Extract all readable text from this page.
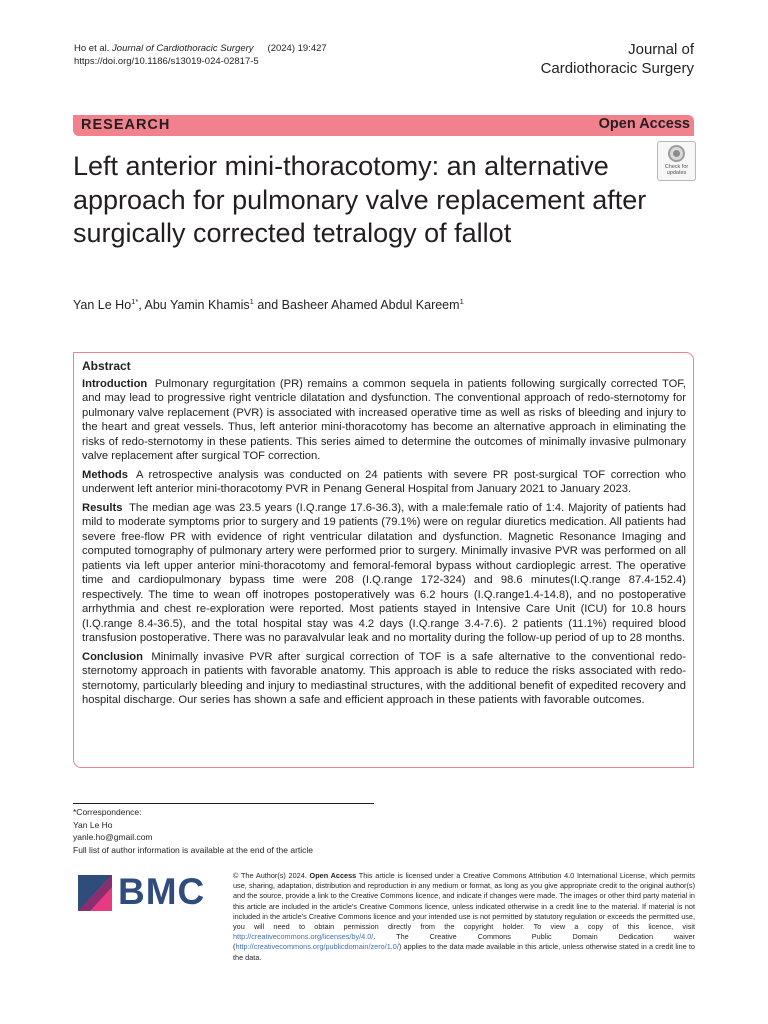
Ho et al. Journal of Cardiothoracic Surgery (2024) 19:427
https://doi.org/10.1186/s13019-024-02817-5
Journal of
Cardiothoracic Surgery
RESEARCH	Open Access
Check for
updates
Left anterior mini-thoracotomy: an alternative approach for pulmonary valve replacement after surgically corrected tetralogy of fallot
Yan Le $Ho^{1*}$, Abu Yamin Khamis$^1$ and Basheer Ahamed Abdul Kareem$^1$
Abstract

Introduction Pulmonary regurgitation (PR) remains a common sequela in patients following surgically corrected TOF, and may lead to progressive right ventricle dilatation and dysfunction. The conventional approach of redo-sternotomy for pulmonary valve replacement (PVR) is associated with increased operative time as well as risks of bleeding and injury to the heart and great vessels. Thus, left anterior mini-thoracotomy has become an alternative approach in eliminating the risks of redo-sternotomy in these patients. This series aimed to determine the outcomes of minimally invasive pulmonary valve replacement after surgical TOF correction.

Methods A retrospective analysis was conducted on 24 patients with severe PR post-surgical TOF correction who underwent left anterior mini-thoracotomy PVR in Penang General Hospital from January 2021 to January 2023.

Results The median age was 23.5 years (I.Q.range 17.6-36.3), with a male:female ratio of 1:4. Majority of patients had mild to moderate symptoms prior to surgery and 19 patients (79.1%) were on regular diuretics medication. All patients had severe free-flow PR with evidence of right ventricular dilatation and dysfunction. Magnetic Resonance Imaging and computed tomography of pulmonary artery were performed prior to surgery. Minimally invasive PVR was performed on all patients via left upper anterior mini-thoracotomy and femoral-femoral bypass without cardioplegic arrest. The operative time and cardiopulmonary bypass time were 208 (I.Q.range 172-324) and 98.6 minutes(I.Q.range 87.4-152.4) respectively. The time to wean off inotropes postoperatively was 6.2 hours (I.Q.range1.4-14.8), and no postoperative arrhythmia and chest re-exploration were reported. Most patients stayed in Intensive Care Unit (ICU) for 10.8 hours (I.Q.range 8.4-36.5), and the total hospital stay was 4.2 days (I.Q.range 3.4-7.6). 2 patients (11.1%) required blood transfusion postoperative. There was no paravalvular leak and no mortality during the follow-up period of up to 28 months.

Conclusion Minimally invasive PVR after surgical correction of TOF is a safe alternative to the conventional redo-sternotomy approach in patients with favorable anatomy. This approach is able to reduce the risks associated with redo-sternotomy, particularly bleeding and injury to mediastinal structures, with the additional benefit of expedited recovery and hospital discharge. Our series has shown a safe and efficient approach in these patients with favorable outcomes.

*Correspondence:
Yan Le Ho
yanle.ho@gmail.com
Full list of author information is available at the end of the article
BMC	© The Author(s) 2024. Open Access This article is licensed under a Creative Commons Attribution 4.0 International License, which permits use, sharing, adaptation, distribution and reproduction in any medium or format, as long as you give appropriate credit to the original author(s) and the source, provide a link to the Creative Commons licence, and indicate if changes were made. The images or other third party material in this article are included in the article's Creative Commons licence, unless indicated otherwise in a credit line to the material. If material is not included in the article's Creative Commons licence and your intended use is not permitted by statutory regulation or exceeds the permitted use, you will need to obtain permission directly from the copyright holder. To view a copy of this licence, visit http://creativecommons.org/licenses/by/4.0/. The Creative Commons Public Domain Dedication waiver (http://creativecommons.org/publicdomain/zero/1.0/) applies to the data made available in this article, unless otherwise stated in a credit line to the data.
